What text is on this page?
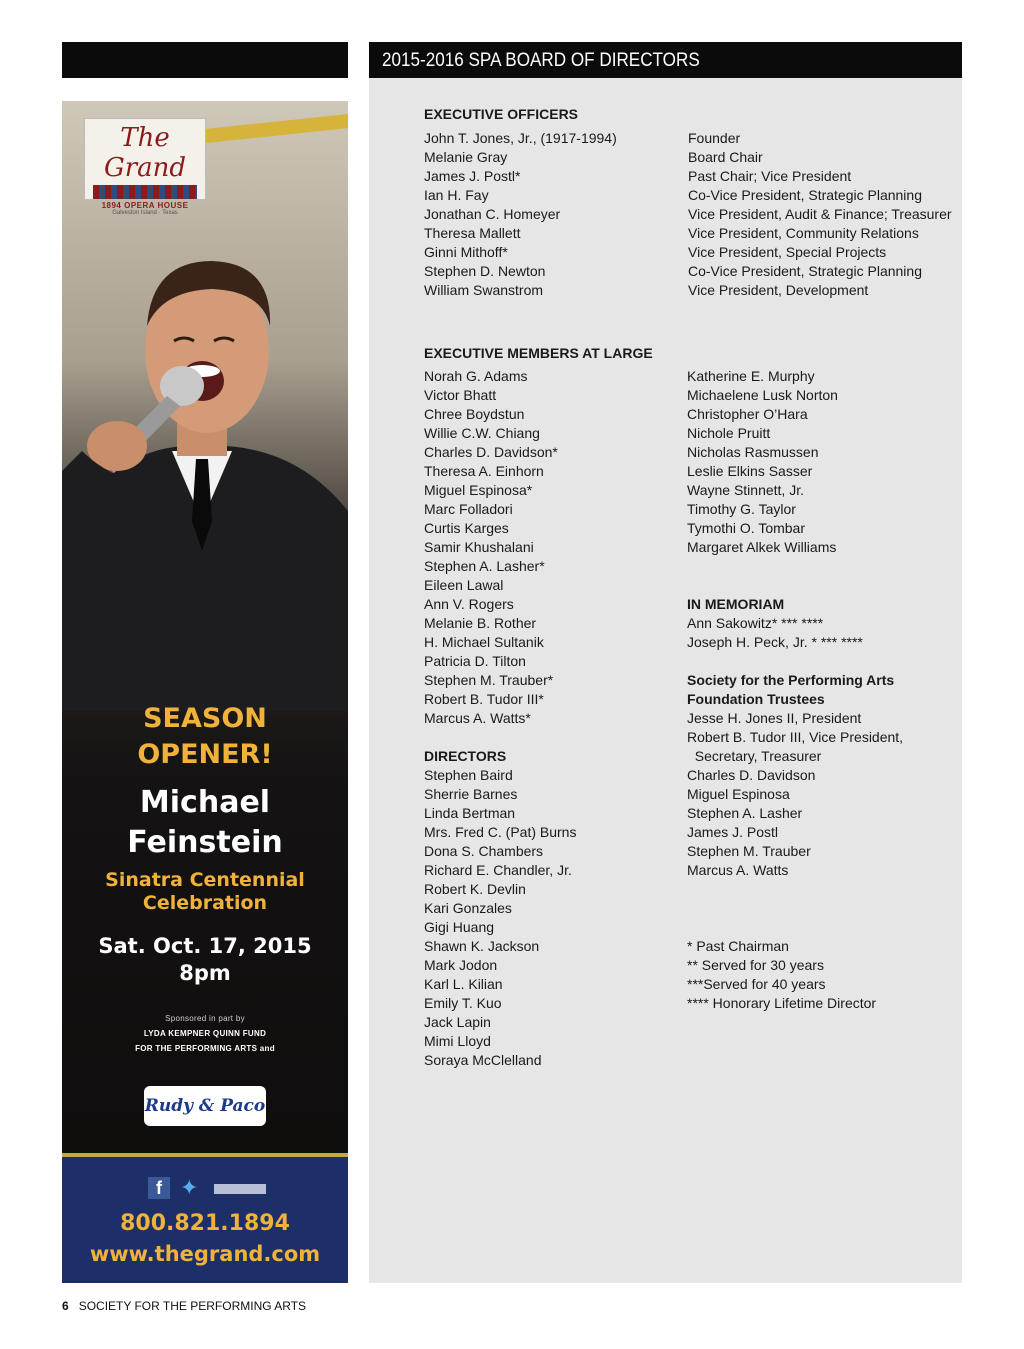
The Grand
1894 OPERA HOUSE
Galveston Island · Texas
SEASON
OPENER!
Michael
Feinstein
Sinatra Centennial
Celebration
Sat. Oct. 17, 2015
8pm
Sponsored in part by
LYDA KEMPNER QUINN FUND
FOR THE PERFORMING ARTS and
Rudy & Paco
f ✦
800.821.1894
www.thegrand.com
2015-2016 SPA BOARD OF DIRECTORS
EXECUTIVE OFFICERS
John T. Jones, Jr., (1917-1994)
Melanie Gray
James J. Postl*
Ian H. Fay
Jonathan C. Homeyer
Theresa Mallett
Ginni Mithoff*
Stephen D. Newton
William Swanstrom
Founder
Board Chair
Past Chair; Vice President
Co-Vice President, Strategic Planning
Vice President, Audit & Finance; Treasurer
Vice President, Community Relations
Vice President, Special Projects
Co-Vice President, Strategic Planning
Vice President, Development
EXECUTIVE MEMBERS AT LARGE
Norah G. Adams
Victor Bhatt
Chree Boydstun
Willie C.W. Chiang
Charles D. Davidson*
Theresa A. Einhorn
Miguel Espinosa*
Marc Folladori
Curtis Karges
Samir Khushalani
Stephen A. Lasher*
Eileen Lawal
Ann V. Rogers
Melanie B. Rother
H. Michael Sultanik
Patricia D. Tilton
Stephen M. Trauber*
Robert B. Tudor III*
Marcus A. Watts*
DIRECTORS
Stephen Baird
Sherrie Barnes
Linda Bertman
Mrs. Fred C. (Pat) Burns
Dona S. Chambers
Richard E. Chandler, Jr.
Robert K. Devlin
Kari Gonzales
Gigi Huang
Shawn K. Jackson
Mark Jodon
Karl L. Kilian
Emily T. Kuo
Jack Lapin
Mimi Lloyd
Soraya McClelland
Katherine E. Murphy
Michaelene Lusk Norton
Christopher O’Hara
Nichole Pruitt
Nicholas Rasmussen
Leslie Elkins Sasser
Wayne Stinnett, Jr.
Timothy G. Taylor
Tymothi O. Tombar
Margaret Alkek Williams
IN MEMORIAM
Ann Sakowitz* *** ****
Joseph H. Peck, Jr. * *** ****
Society for the Performing Arts
Foundation Trustees
Jesse H. Jones II, President
Robert B. Tudor III, Vice President,
Secretary, Treasurer
Charles D. Davidson
Miguel Espinosa
Stephen A. Lasher
James J. Postl
Stephen M. Trauber
Marcus A. Watts
* Past Chairman
** Served for 30 years
***Served for 40 years
**** Honorary Lifetime Director
6 SOCIETY FOR THE PERFORMING ARTS
